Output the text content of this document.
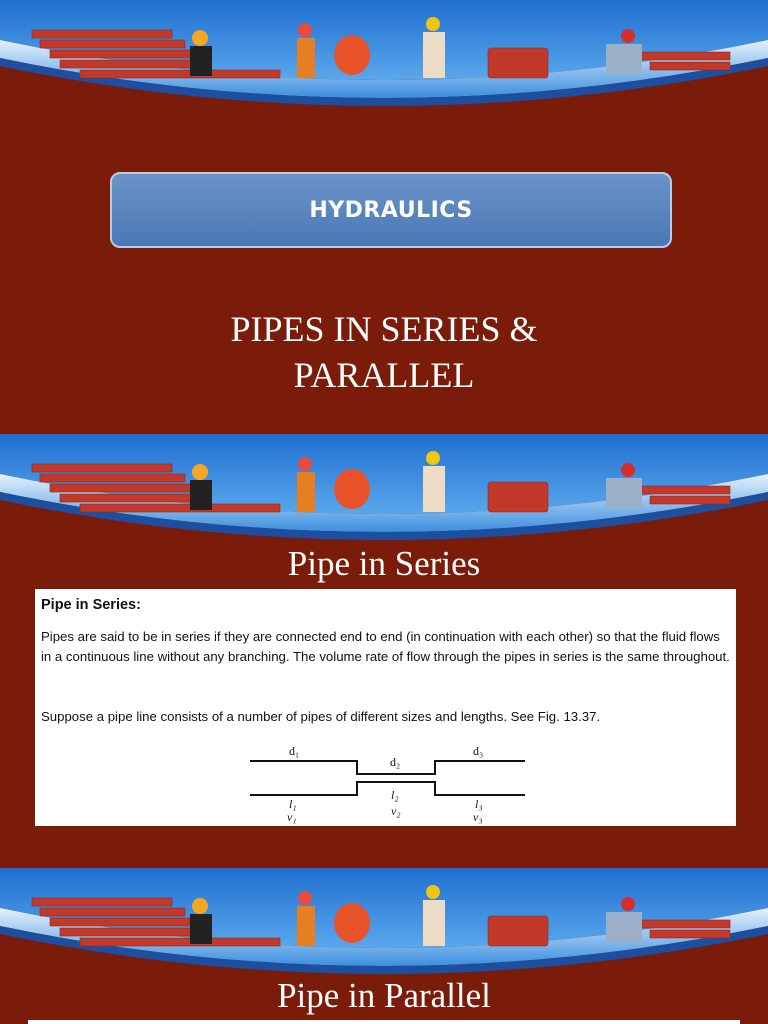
HYDRAULICS
PIPES IN SERIES &
PARALLEL
Pipe in Series
Pipe in Series:

Pipes are said to be in series if they are connected end to end (in continuation with each other) so that the fluid flows in a continuous line without any branching. The volume rate of flow through the pipes in series is the same throughout.

Suppose a pipe line consists of a number of pipes of different sizes and lengths. See Fig. 13.37.

d₁
d₂
d₃
l₁
l₂
l₃
v₁	v₂	v₃
Pipe in Parallel
